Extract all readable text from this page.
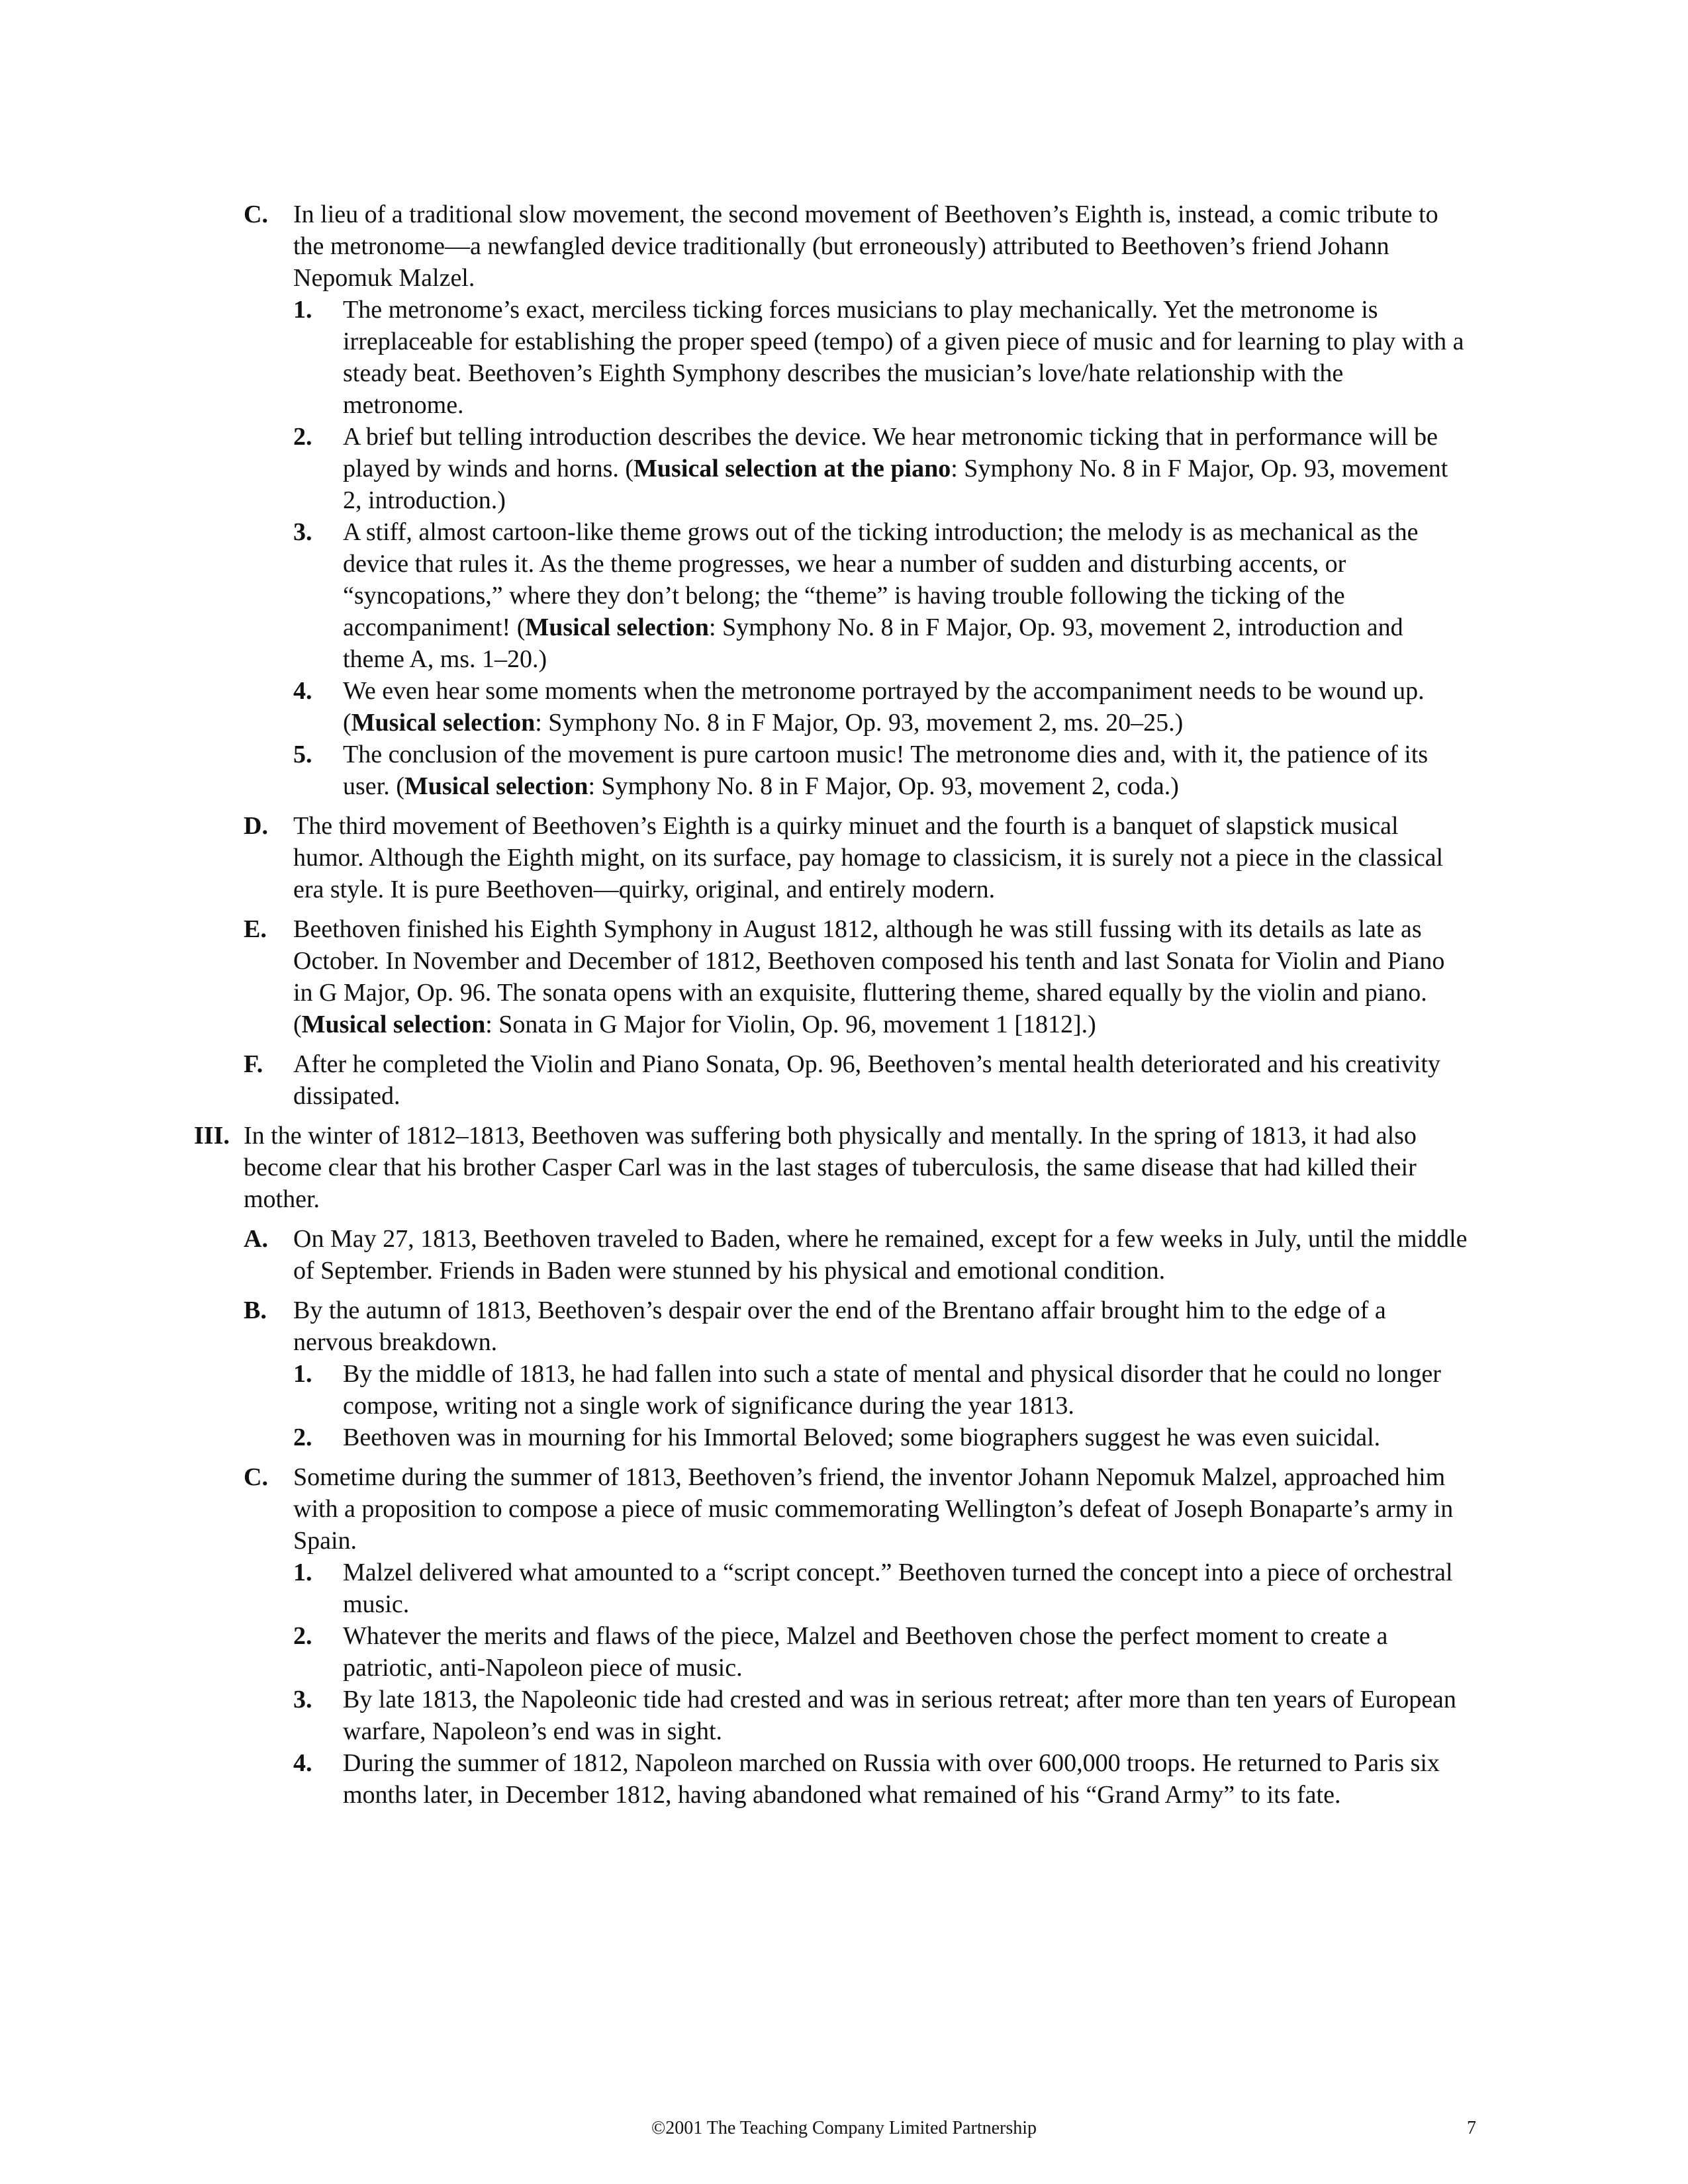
C. In lieu of a traditional slow movement, the second movement of Beethoven’s Eighth is, instead, a comic tribute to the metronome—a newfangled device traditionally (but erroneously) attributed to Beethoven’s friend Johann Nepomuk Malzel.
1. The metronome’s exact, merciless ticking forces musicians to play mechanically. Yet the metronome is irreplaceable for establishing the proper speed (tempo) of a given piece of music and for learning to play with a steady beat. Beethoven’s Eighth Symphony describes the musician’s love/hate relationship with the metronome.
2. A brief but telling introduction describes the device. We hear metronomic ticking that in performance will be played by winds and horns. (Musical selection at the piano: Symphony No. 8 in F Major, Op. 93, movement 2, introduction.)
3. A stiff, almost cartoon-like theme grows out of the ticking introduction; the melody is as mechanical as the device that rules it. As the theme progresses, we hear a number of sudden and disturbing accents, or “syncopations,” where they don’t belong; the “theme” is having trouble following the ticking of the accompaniment! (Musical selection: Symphony No. 8 in F Major, Op. 93, movement 2, introduction and theme A, ms. 1–20.)
4. We even hear some moments when the metronome portrayed by the accompaniment needs to be wound up. (Musical selection: Symphony No. 8 in F Major, Op. 93, movement 2, ms. 20–25.)
5. The conclusion of the movement is pure cartoon music! The metronome dies and, with it, the patience of its user. (Musical selection: Symphony No. 8 in F Major, Op. 93, movement 2, coda.)
D. The third movement of Beethoven’s Eighth is a quirky minuet and the fourth is a banquet of slapstick musical humor. Although the Eighth might, on its surface, pay homage to classicism, it is surely not a piece in the classical era style. It is pure Beethoven—quirky, original, and entirely modern.
E. Beethoven finished his Eighth Symphony in August 1812, although he was still fussing with its details as late as October. In November and December of 1812, Beethoven composed his tenth and last Sonata for Violin and Piano in G Major, Op. 96. The sonata opens with an exquisite, fluttering theme, shared equally by the violin and piano. (Musical selection: Sonata in G Major for Violin, Op. 96, movement 1 [1812].)
F. After he completed the Violin and Piano Sonata, Op. 96, Beethoven’s mental health deteriorated and his creativity dissipated.
III. In the winter of 1812–1813, Beethoven was suffering both physically and mentally. In the spring of 1813, it had also become clear that his brother Casper Carl was in the last stages of tuberculosis, the same disease that had killed their mother.
A. On May 27, 1813, Beethoven traveled to Baden, where he remained, except for a few weeks in July, until the middle of September. Friends in Baden were stunned by his physical and emotional condition.
B. By the autumn of 1813, Beethoven’s despair over the end of the Brentano affair brought him to the edge of a nervous breakdown.
1. By the middle of 1813, he had fallen into such a state of mental and physical disorder that he could no longer compose, writing not a single work of significance during the year 1813.
2. Beethoven was in mourning for his Immortal Beloved; some biographers suggest he was even suicidal.
C. Sometime during the summer of 1813, Beethoven’s friend, the inventor Johann Nepomuk Malzel, approached him with a proposition to compose a piece of music commemorating Wellington’s defeat of Joseph Bonaparte’s army in Spain.
1. Malzel delivered what amounted to a “script concept.” Beethoven turned the concept into a piece of orchestral music.
2. Whatever the merits and flaws of the piece, Malzel and Beethoven chose the perfect moment to create a patriotic, anti-Napoleon piece of music.
3. By late 1813, the Napoleonic tide had crested and was in serious retreat; after more than ten years of European warfare, Napoleon’s end was in sight.
4. During the summer of 1812, Napoleon marched on Russia with over 600,000 troops. He returned to Paris six months later, in December 1812, having abandoned what remained of his “Grand Army” to its fate.
©2001 The Teaching Company Limited Partnership	7
